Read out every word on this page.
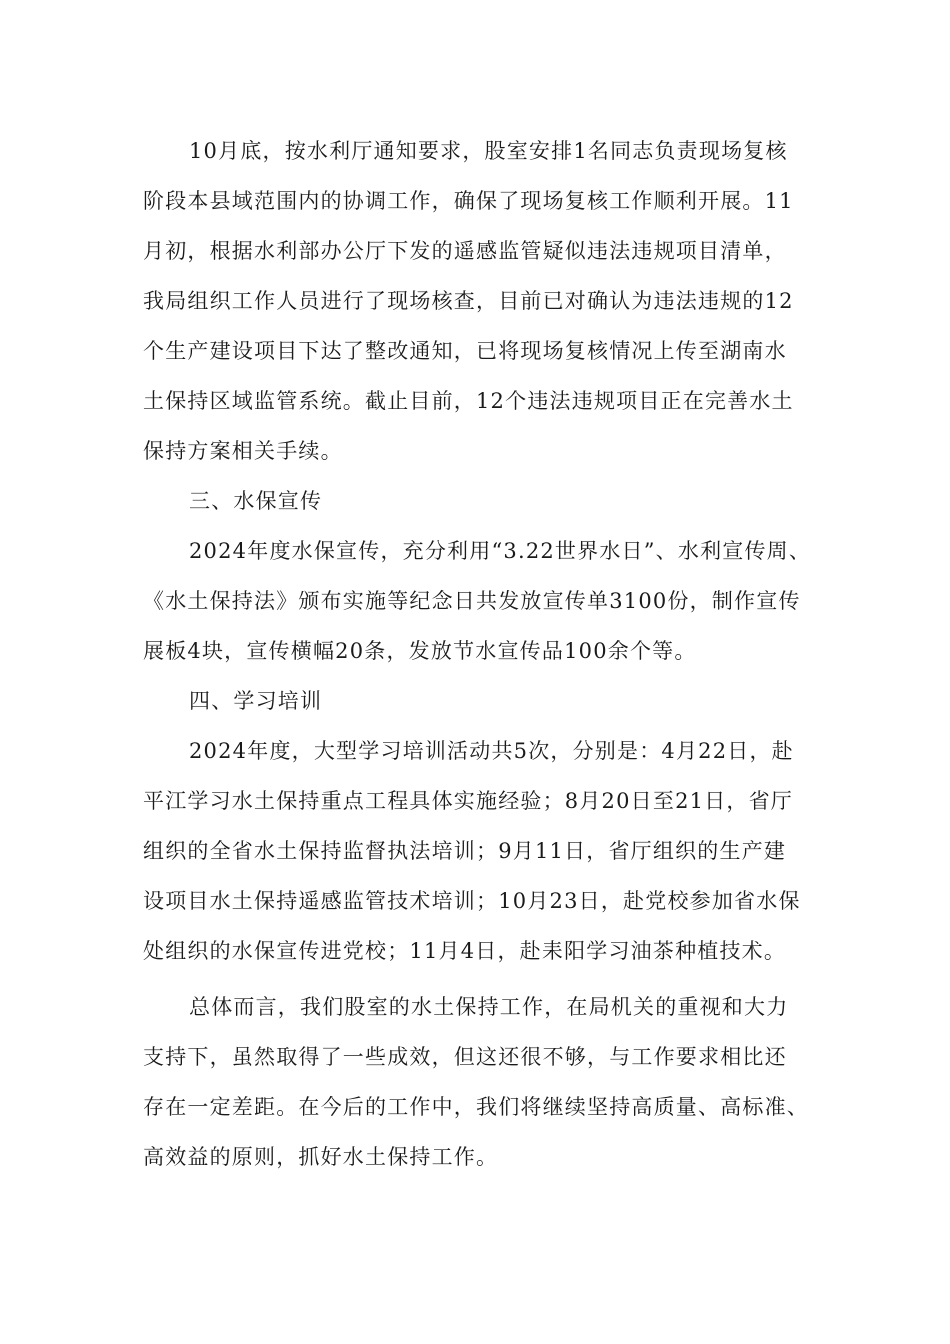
10月底，按水利厅通知要求，股室安排1名同志负责现场复核
阶段本县域范围内的协调工作，确保了现场复核工作顺利开展。11
月初，根据水利部办公厅下发的遥感监管疑似违法违规项目清单，
我局组织工作人员进行了现场核查，目前已对确认为违法违规的12
个生产建设项目下达了整改通知，已将现场复核情况上传至湖南水
土保持区域监管系统。截止目前，12个违法违规项目正在完善水土
保持方案相关手续。
三、水保宣传
2024年度水保宣传，充分利用“3.22世界水日”、水利宣传周、
《水土保持法》颁布实施等纪念日共发放宣传单3100份，制作宣传
展板4块，宣传横幅20条，发放节水宣传品100余个等。
四、学习培训
2024年度，大型学习培训活动共5次，分别是：4月22日，赴
平江学习水土保持重点工程具体实施经验；8月20日至21日，省厅
组织的全省水土保持监督执法培训；9月11日，省厅组织的生产建
设项目水土保持遥感监管技术培训；10月23日，赴党校参加省水保
处组织的水保宣传进党校；11月4日，赴耒阳学习油茶种植技术。
总体而言，我们股室的水土保持工作，在局机关的重视和大力
支持下，虽然取得了一些成效，但这还很不够，与工作要求相比还
存在一定差距。在今后的工作中，我们将继续坚持高质量、高标准、
高效益的原则，抓好水土保持工作。
